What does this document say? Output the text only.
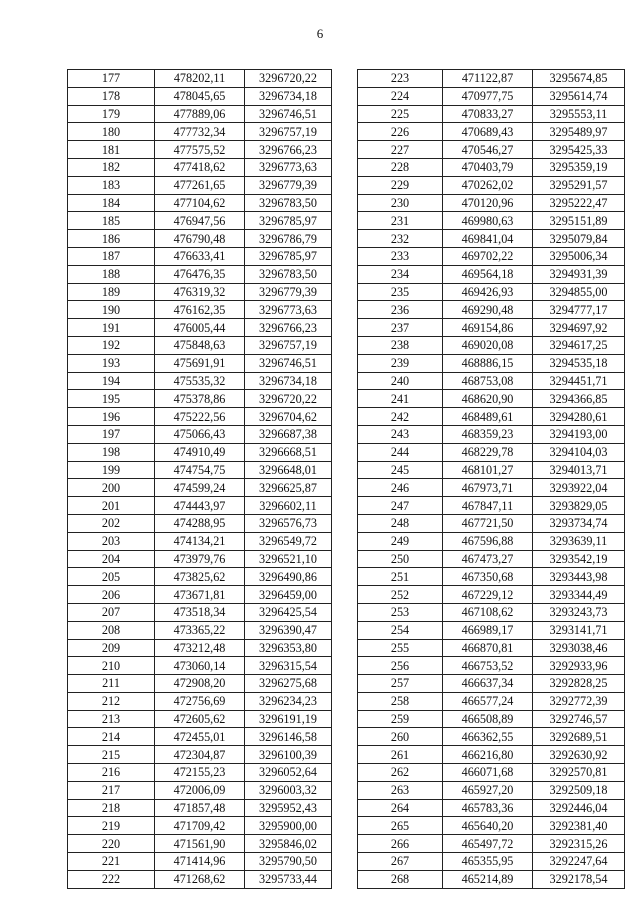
6
177	478202,11	3296720,22
178	478045,65	3296734,18
179	477889,06	3296746,51
180	477732,34	3296757,19
181	477575,52	3296766,23
182	477418,62	3296773,63
183	477261,65	3296779,39
184	477104,62	3296783,50
185	476947,56	3296785,97
186	476790,48	3296786,79
187	476633,41	3296785,97
188	476476,35	3296783,50
189	476319,32	3296779,39
190	476162,35	3296773,63
191	476005,44	3296766,23
192	475848,63	3296757,19
193	475691,91	3296746,51
194	475535,32	3296734,18
195	475378,86	3296720,22
196	475222,56	3296704,62
197	475066,43	3296687,38
198	474910,49	3296668,51
199	474754,75	3296648,01
200	474599,24	3296625,87
201	474443,97	3296602,11
202	474288,95	3296576,73
203	474134,21	3296549,72
204	473979,76	3296521,10
205	473825,62	3296490,86
206	473671,81	3296459,00
207	473518,34	3296425,54
208	473365,22	3296390,47
209	473212,48	3296353,80
210	473060,14	3296315,54
211	472908,20	3296275,68
212	472756,69	3296234,23
213	472605,62	3296191,19
214	472455,01	3296146,58
215	472304,87	3296100,39
216	472155,23	3296052,64
217	472006,09	3296003,32
218	471857,48	3295952,43
219	471709,42	3295900,00
220	471561,90	3295846,02
221	471414,96	3295790,50
222	471268,62	3295733,44
223	471122,87	3295674,85
224	470977,75	3295614,74
225	470833,27	3295553,11
226	470689,43	3295489,97
227	470546,27	3295425,33
228	470403,79	3295359,19
229	470262,02	3295291,57
230	470120,96	3295222,47
231	469980,63	3295151,89
232	469841,04	3295079,84
233	469702,22	3295006,34
234	469564,18	3294931,39
235	469426,93	3294855,00
236	469290,48	3294777,17
237	469154,86	3294697,92
238	469020,08	3294617,25
239	468886,15	3294535,18
240	468753,08	3294451,71
241	468620,90	3294366,85
242	468489,61	3294280,61
243	468359,23	3294193,00
244	468229,78	3294104,03
245	468101,27	3294013,71
246	467973,71	3293922,04
247	467847,11	3293829,05
248	467721,50	3293734,74
249	467596,88	3293639,11
250	467473,27	3293542,19
251	467350,68	3293443,98
252	467229,12	3293344,49
253	467108,62	3293243,73
254	466989,17	3293141,71
255	466870,81	3293038,46
256	466753,52	3292933,96
257	466637,34	3292828,25
258	466577,24	3292772,39
259	466508,89	3292746,57
260	466362,55	3292689,51
261	466216,80	3292630,92
262	466071,68	3292570,81
263	465927,20	3292509,18
264	465783,36	3292446,04
265	465640,20	3292381,40
266	465497,72	3292315,26
267	465355,95	3292247,64
268	465214,89	3292178,54
